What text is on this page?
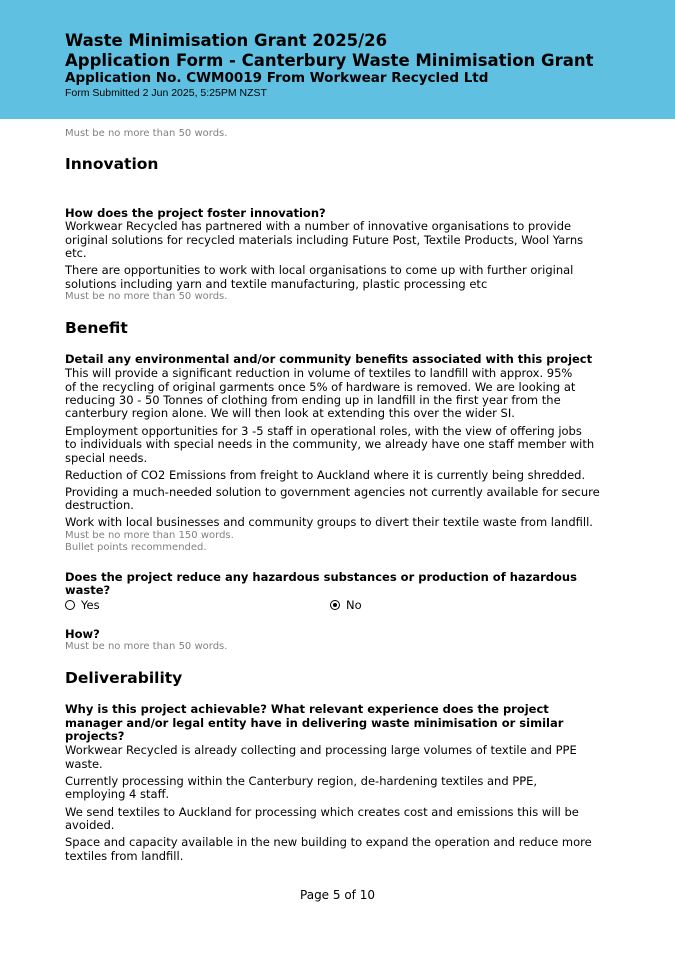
Waste Minimisation Grant 2025/26
Application Form - Canterbury Waste Minimisation Grant
Application No. CWM0019 From Workwear Recycled Ltd
Form Submitted 2 Jun 2025, 5:25PM NZST
Must be no more than 50 words.
Innovation
How does the project foster innovation?
Workwear Recycled has partnered with a number of innovative organisations to provide
original solutions for recycled materials including Future Post, Textile Products, Wool Yarns
etc.
There are opportunities to work with local organisations to come up with further original
solutions including yarn and textile manufacturing, plastic processing etc
Must be no more than 50 words.
Benefit
Detail any environmental and/or community benefits associated with this project
This will provide a significant reduction in volume of textiles to landfill with approx. 95%
of the recycling of original garments once 5% of hardware is removed. We are looking at
reducing 30 - 50 Tonnes of clothing from ending up in landfill in the first year from the
canterbury region alone. We will then look at extending this over the wider SI.
Employment opportunities for 3 -5 staff in operational roles, with the view of offering jobs
to individuals with special needs in the community, we already have one staff member with
special needs.
Reduction of CO2 Emissions from freight to Auckland where it is currently being shredded.
Providing a much-needed solution to government agencies not currently available for secure
destruction.
Work with local businesses and community groups to divert their textile waste from landfill.
Must be no more than 150 words.
Bullet points recommended.
Does the project reduce any hazardous substances or production of hazardous
waste?
Yes	No
How?
Must be no more than 50 words.
Deliverability
Why is this project achievable? What relevant experience does the project
manager and/or legal entity have in delivering waste minimisation or similar
projects?
Workwear Recycled is already collecting and processing large volumes of textile and PPE
waste.
Currently processing within the Canterbury region, de-hardening textiles and PPE,
employing 4 staff.
We send textiles to Auckland for processing which creates cost and emissions this will be
avoided.
Space and capacity available in the new building to expand the operation and reduce more
textiles from landfill.
Page 5 of 10
